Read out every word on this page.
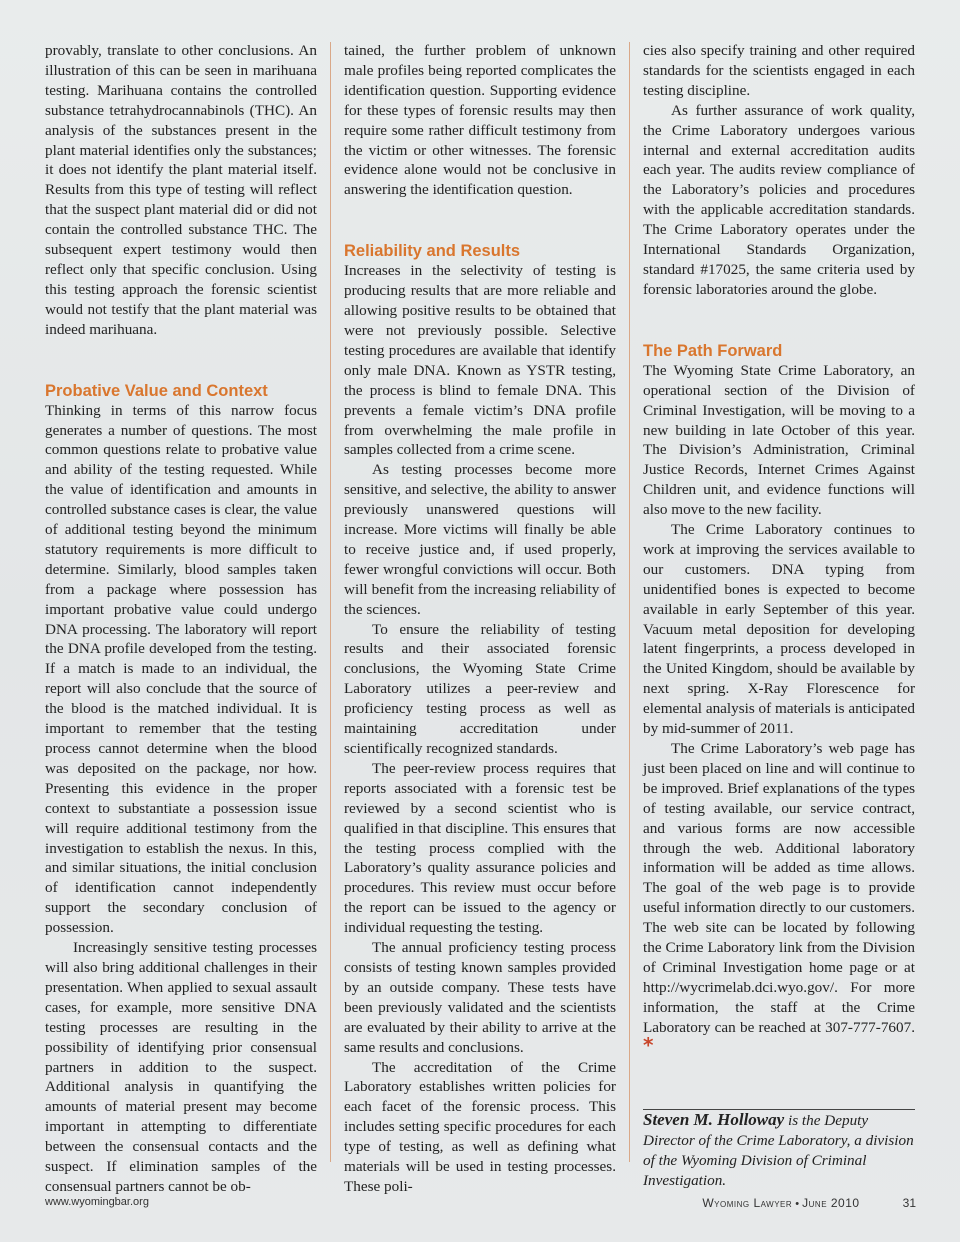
provably, translate to other conclusions. An illustration of this can be seen in marihuana testing. Marihuana contains the controlled substance tetrahydrocannabinols (THC). An analysis of the substances present in the plant material identifies only the substances; it does not identify the plant material itself. Results from this type of testing will reflect that the suspect plant material did or did not contain the controlled substance THC. The subsequent expert testimony would then reflect only that specific conclusion. Using this testing approach the forensic scientist would not testify that the plant material was indeed marihuana.

Probative Value and Context

Thinking in terms of this narrow focus generates a number of questions. The most common questions relate to probative value and ability of the testing requested. While the value of identification and amounts in controlled substance cases is clear, the value of additional testing beyond the minimum statutory requirements is more difficult to determine. Similarly, blood samples taken from a package where possession has important probative value could undergo DNA processing. The laboratory will report the DNA profile developed from the testing. If a match is made to an individual, the report will also conclude that the source of the blood is the matched individual. It is important to remember that the testing process cannot determine when the blood was deposited on the package, nor how. Presenting this evidence in the proper context to substantiate a possession issue will require additional testimony from the investigation to establish the nexus. In this, and similar situations, the initial conclusion of identification cannot independently support the secondary conclusion of possession.

Increasingly sensitive testing processes will also bring additional challenges in their presentation. When applied to sexual assault cases, for example, more sensitive DNA testing processes are resulting in the possibility of identifying prior consensual partners in addition to the suspect. Additional analysis in quantifying the amounts of material present may become important in attempting to differentiate between the consensual contacts and the suspect. If elimination samples of the consensual partners cannot be ob-

tained, the further problem of unknown male profiles being reported complicates the identification question. Supporting evidence for these types of forensic results may then require some rather difficult testimony from the victim or other witnesses. The forensic evidence alone would not be conclusive in answering the identification question.

Reliability and Results

Increases in the selectivity of testing is producing results that are more reliable and allowing positive results to be obtained that were not previously possible. Selective testing procedures are available that identify only male DNA. Known as YSTR testing, the process is blind to female DNA. This prevents a female victim’s DNA profile from overwhelming the male profile in samples collected from a crime scene.

As testing processes become more sensitive, and selective, the ability to answer previously unanswered questions will increase. More victims will finally be able to receive justice and, if used properly, fewer wrongful convictions will occur. Both will benefit from the increasing reliability of the sciences.

To ensure the reliability of testing results and their associated forensic conclusions, the Wyoming State Crime Laboratory utilizes a peer-review and proficiency testing process as well as maintaining accreditation under scientifically recognized standards.

The peer-review process requires that reports associated with a forensic test be reviewed by a second scientist who is qualified in that discipline. This ensures that the testing process complied with the Laboratory’s quality assurance policies and procedures. This review must occur before the report can be issued to the agency or individual requesting the testing.

The annual proficiency testing process consists of testing known samples provided by an outside company. These tests have been previously validated and the scientists are evaluated by their ability to arrive at the same results and conclusions.

The accreditation of the Crime Laboratory establishes written policies for each facet of the forensic process. This includes setting specific procedures for each type of testing, as well as defining what materials will be used in testing processes. These poli-

cies also specify training and other required standards for the scientists engaged in each testing discipline.

As further assurance of work quality, the Crime Laboratory undergoes various internal and external accreditation audits each year. The audits review compliance of the Laboratory’s policies and procedures with the applicable accreditation standards. The Crime Laboratory operates under the International Standards Organization, standard #17025, the same criteria used by forensic laboratories around the globe.

The Path Forward

The Wyoming State Crime Laboratory, an operational section of the Division of Criminal Investigation, will be moving to a new building in late October of this year. The Division’s Administration, Criminal Justice Records, Internet Crimes Against Children unit, and evidence functions will also move to the new facility.

The Crime Laboratory continues to work at improving the services available to our customers. DNA typing from unidentified bones is expected to become available in early September of this year. Vacuum metal deposition for developing latent fingerprints, a process developed in the United Kingdom, should be available by next spring. X-Ray Florescence for elemental analysis of materials is anticipated by mid-summer of 2011.

The Crime Laboratory’s web page has just been placed on line and will continue to be improved. Brief explanations of the types of testing available, our service contract, and various forms are now accessible through the web. Additional laboratory information will be added as time allows. The goal of the web page is to provide useful information directly to our customers. The web site can be located by following the Crime Laboratory link from the Division of Criminal Investigation home page or at http://wycrimelab.dci.wyo.gov/. For more information, the staff at the Crime Laboratory can be reached at 307-777-7607. *

Steven M. Holloway is the Deputy Director of the Crime Laboratory, a division of the Wyoming Division of Criminal Investigation.

www.wyomingbar.org	Wyoming Lawyer • June 2010	31
